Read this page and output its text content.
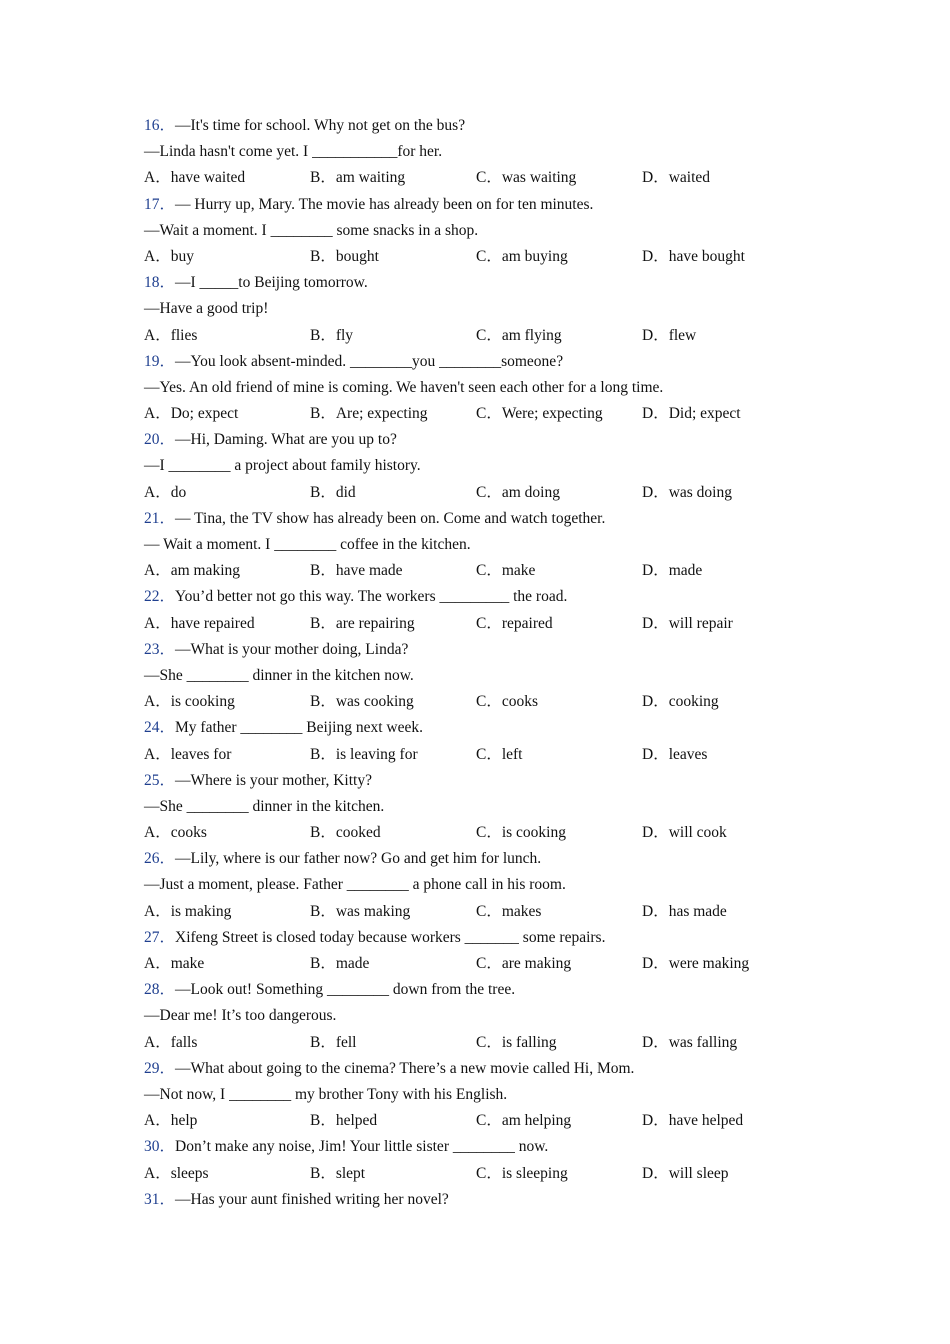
16．—It's time for school. Why not get on the bus?
—Linda hasn't come yet. I ___________for her.
A．have waited	B．am waiting	C．was waiting	D．waited
17．— Hurry up, Mary. The movie has already been on for ten minutes.
—Wait a moment. I ________ some snacks in a shop.
A．buy	B．bought	C．am buying	D．have bought
18．—I _____to Beijing tomorrow.
—Have a good trip!
A．flies	B．fly	C．am flying	D．flew
19．—You look absent-minded. ________you ________someone?
—Yes. An old friend of mine is coming. We haven't seen each other for a long time.
A．Do; expect	B．Are; expecting	C．Were; expecting	D．Did; expect
20．—Hi, Daming. What are you up to?
—I ________ a project about family history.
A．do	B．did	C．am doing	D．was doing
21．— Tina, the TV show has already been on. Come and watch together.
— Wait a moment. I ________ coffee in the kitchen.
A．am making	B．have made	C．make	D．made
22．You’d better not go this way. The workers _________ the road.
A．have repaired	B．are repairing	C．repaired	D．will repair
23．—What is your mother doing, Linda?
—She ________ dinner in the kitchen now.
A．is cooking	B．was cooking	C．cooks	D．cooking
24．My father ________ Beijing next week.
A．leaves for	B．is leaving for	C．left	D．leaves
25．—Where is your mother, Kitty?
—She ________ dinner in the kitchen.
A．cooks	B．cooked	C．is cooking	D．will cook
26．—Lily, where is our father now? Go and get him for lunch.
—Just a moment, please. Father ________ a phone call in his room.
A．is making	B．was making	C．makes	D．has made
27．Xifeng Street is closed today because workers _______ some repairs.
A．make	B．made	C．are making	D．were making
28．—Look out! Something ________ down from the tree.
—Dear me! It’s too dangerous.
A．falls	B．fell	C．is falling	D．was falling
29．—What about going to the cinema? There’s a new movie called Hi, Mom.
—Not now, I ________ my brother Tony with his English.
A．help	B．helped	C．am helping	D．have helped
30．Don’t make any noise, Jim! Your little sister ________ now.
A．sleeps	B．slept	C．is sleeping	D．will sleep
31．—Has your aunt finished writing her novel?
